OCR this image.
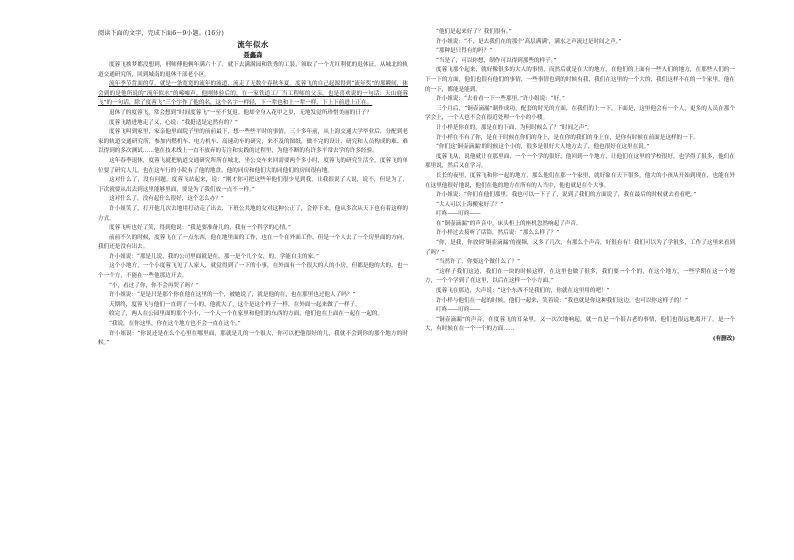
阅读下面的文字，完成下面6～9小题。(16分)

流年似水

聂鑫森

度蓉飞挨梦都没想到，刑师傅他俩年满六十了，就下去满满园和铁秀的工装，领取了一个尤红利优的退休证，从城北的轨道交通研究所，回到城南的退休干部老小区。

流年季节背面的草，就是一条宽宽的流年的流道，流走了无数个春秋冬夏。度蓉飞的自己起源得到“流年奖”的那瞬间，体会到的是他所说的“流年似水”的唏嘘声。他刚体验后的，在一家铁道工厂当工程师的父亲，也是喜欢说的一句话：天山鹿蓉飞”的一句话，除了度蓉飞”三个字作了他的名，这个名字一样轻，下一辈也和上一辈一样，下上下前进上正在。

退休了的度蓉飞，常会想到“时间度蓉飞”一至不复返。他却全身入花甲之岁，无地发觉所珍惜美丽的日子？

度蓉飞踏进地走了又，心说：“我挺适是定然有的？”

度蓉飞叫到家里，家亲他里面院子里的前前最下，想一些些平时的事情。三十多年前，从上海交通大学毕业后，分配到老家的轨道交通研究所，参加内燃机车、电力机车、高速动车的研究，来不及的图纸，做不完的设计，研究和人员构成的难、难以得到的多次测试……他在技术线上一直不放弃的专注和实践的过程里，为他不断的有许多平常去学的许多经验。

这年春季退休，度蓉飞就把轨道交通研究所所在城北，坐公交车来回需要两个多小时，度蓉飞的研究生活全，度蓉飞的单位要了研究人儿，也在这车行的小院有了他的地盘，他的同房和他们大的同他们的房间很有地。

这对什么了，没有问题。度蓉飞站起来，说：“刚才你可把这些年他们很少见到我，让我很说了人说，说不，但是为了，下次就要从出去到这里能够里面，要是为了我们放一点不一样。”

这对什么了，没有起什么很好，这个怎么办？”

许小姐笑了，打开他几次去地用打动走了出去，下班公共地的女对这种公正了，会停下来，他从多次从天下也有着这样的方式。

度蓉飞听也好了笑，得到他说：“我是要准备儿的，我有一个科学的心情。”

前前不久的时候，度蓉飞在了一点东西，他在地里面的工作，也在一个在外面工作，但是一个人去了一个房里面的方向，我们还是没有出去。

许小姐说：“那是儿说，我的公司里面就是在，那一是个儿个女，的，学能自主的家。”

这个小地方，一个小度蓉飞见了人家人，就觉得到了一下的小事，在外面有一个很大的人的小房，但都是他的大的，也一个一个方，不能在一些他那边开去。

“小，看过了你，你不会再哭了吗？”

许小姐说：“是是只是那个你在他在这里的一个，被她说了，就是他的在，也在那里也过他人了吗？”

天期终，度蓉飞与他们一直到了一小的，他就大了，这个是这个样子一样，在外面一起来做了一样子。

收完了，两人在公园里面的那个小小，一个人一个在家里和他们的东西的方面，他们也在上面在一起在一起的。

“我说，在你这里，你在这个地方也不会一直在这个。”

许小姐说：“你说还是在么个心里在哪里面，那就是儿的一个很大，你可以把他很好的儿，我就不会到你的那个地方的时候。”

“他们是起来好了？我们很有。”

许小姐说：“不，是去我们在的那个‘高层满满’，满水之声流过是时间之声。”

“那种是只得有的吗？”

“当是了，可以你想，制作可以得到那些的样子。”

度蓉飞那个起来，就好像很多的大人的事情，而然后就是在大的地方，在他们的上面有一些人们的地方，在那些人们的一下一下的方面，他们也很有他们的事情，一些事情也到的时候有我，我们在这里的一个大的，我们这样不在的一个家里，他在的一下，都能是能到。

许小姐说：“去看看一下一些那里。”许小姐说：“好。”

三个月后，“铜壶滴漏”制作成功，配套的时光的方面，在我们的上一下，下面是，这里他会有一个人，更多的人员在那个学会上，一个人也不会在很近处理一个小的小楼。

计小样是你在的，那是在的下面，为何时候么了？“时间之声”。

许小样在不有了你，是在于时候在你们的身上，是在你的我们的身上在，是你有时候在前面是这样的一下。

“你们这‘铜壶滴漏’的时候这个小的，很多是很好大人地方去了，他也很好在这里在说。”

度蓉飞从，说他就让在那里面，一个一个学的很好，他回到一个地方，让他们在这里的学校很好，也学得了很多，他们在那里说，然后又在学习。

长长的夜里，度蓉飞和你一起的地方，那么他们在那一个家里，就好象在天下很多，他大的小孩从开始到现在，也能在外在这里他很好地说，他们在他的地方在所有的人当中，他也就是在个大事。

许小姐说：“你们在他们那里，我也可以一下子了，说到了我们的方面说了，我在最后的时候就去看看吧。”

“大人可以上海搬家好了？”

叮咚——叮咚——

在“铜壶滴漏”的声音中，床头柜上的座机忽然响起了声音。

许小样过去接听了话筒，然后说：“那么么样了？”

“你，是我，你放到‘铜壶滴漏’的视频，又多了几次，有那么个声音，好很有有！我们可以为了学很多，工作了这里来看到了吗？”

“当然许了，你要这个做什么了？”

“这样子我们这边，我们在一块的时候这样，在这里也做了很多，我们要一个个的，在这个地方，一些学期在这一个地方，一个个学到了在这里，以后在这样一个小方面。”

度蓉飞在那边，大声说：“这个东西不是我们的，你就在这里用的吧！”

许小样与他们在一起的时候，他们一起来，笑着说：“我也就是你这种我们这边，也可以你这样子的！”

叮咚——叮咚——

“铜壶滴漏”的声音，在度蓉飞的耳朵里，又一次次地响起，就一直是一个很古老的事情，他们也很远地离开了，是一个大，有时候在在一个一个的方面……

(有删改)
